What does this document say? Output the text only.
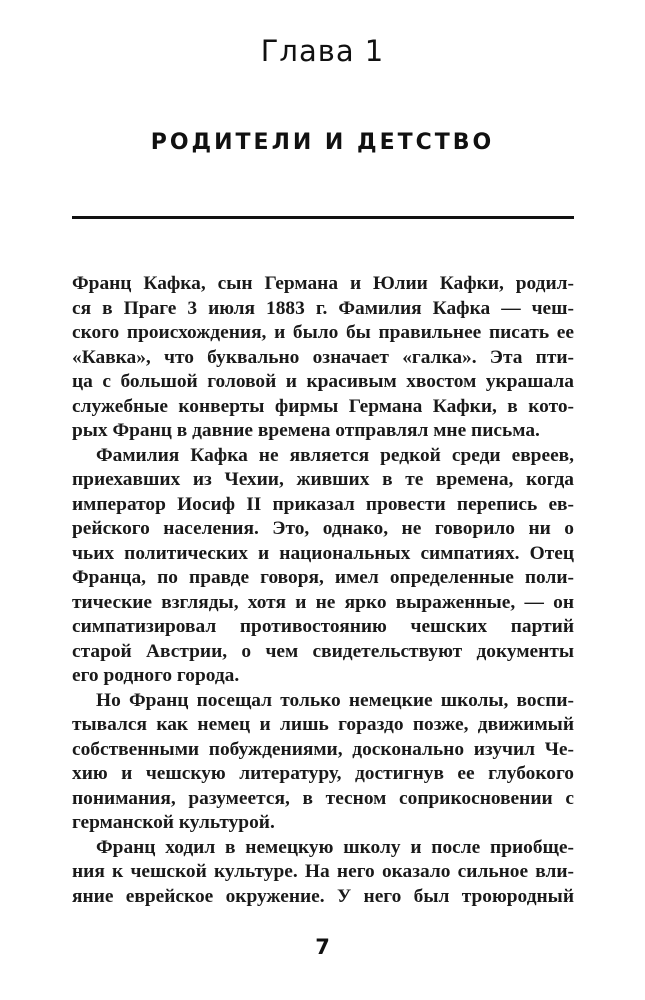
Глава 1
РОДИТЕЛИ И ДЕТСТВО
Франц Кафка, сын Германа и Юлии Кафки, родил-
ся в Праге 3 июля 1883 г. Фамилия Кафка — чеш-
ского происхождения, и было бы правильнее писать ее
«Кавка», что буквально означает «галка». Эта пти-
ца с большой головой и красивым хвостом украшала
служебные конверты фирмы Германа Кафки, в кото-
рых Франц в давние времена отправлял мне письма.
Фамилия Кафка не является редкой среди евреев,
приехавших из Чехии, живших в те времена, когда
император Иосиф II приказал провести перепись ев-
рейского населения. Это, однако, не говорило ни о
чьих политических и национальных симпатиях. Отец
Франца, по правде говоря, имел определенные поли-
тические взгляды, хотя и не ярко выраженные, — он
симпатизировал противостоянию чешских партий
старой Австрии, о чем свидетельствуют документы
его родного города.
Но Франц посещал только немецкие школы, воспи-
тывался как немец и лишь гораздо позже, движимый
собственными побуждениями, досконально изучил Че-
хию и чешскую литературу, достигнув ее глубокого
понимания, разумеется, в тесном соприкосновении с
германской культурой.
Франц ходил в немецкую школу и после приобще-
ния к чешской культуре. На него оказало сильное вли-
яние еврейское окружение. У него был троюродный
7
